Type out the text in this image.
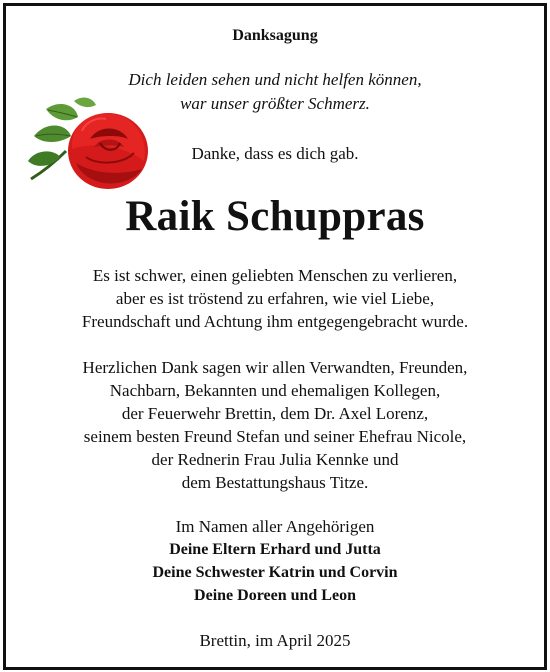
Danksagung
Dich leiden sehen und nicht helfen können,
war unser größter Schmerz.
Danke, dass es dich gab.
Raik Schuppras
Es ist schwer, einen geliebten Menschen zu verlieren,
aber es ist tröstend zu erfahren, wie viel Liebe,
Freundschaft und Achtung ihm entgegengebracht wurde.
Herzlichen Dank sagen wir allen Verwandten, Freunden,
Nachbarn, Bekannten und ehemaligen Kollegen,
der Feuerwehr Brettin, dem Dr. Axel Lorenz,
seinem besten Freund Stefan und seiner Ehefrau Nicole,
der Rednerin Frau Julia Kennke und
dem Bestattungshaus Titze.
Im Namen aller Angehörigen
Deine Eltern Erhard und Jutta
Deine Schwester Katrin und Corvin
Deine Doreen und Leon
Brettin, im April 2025
